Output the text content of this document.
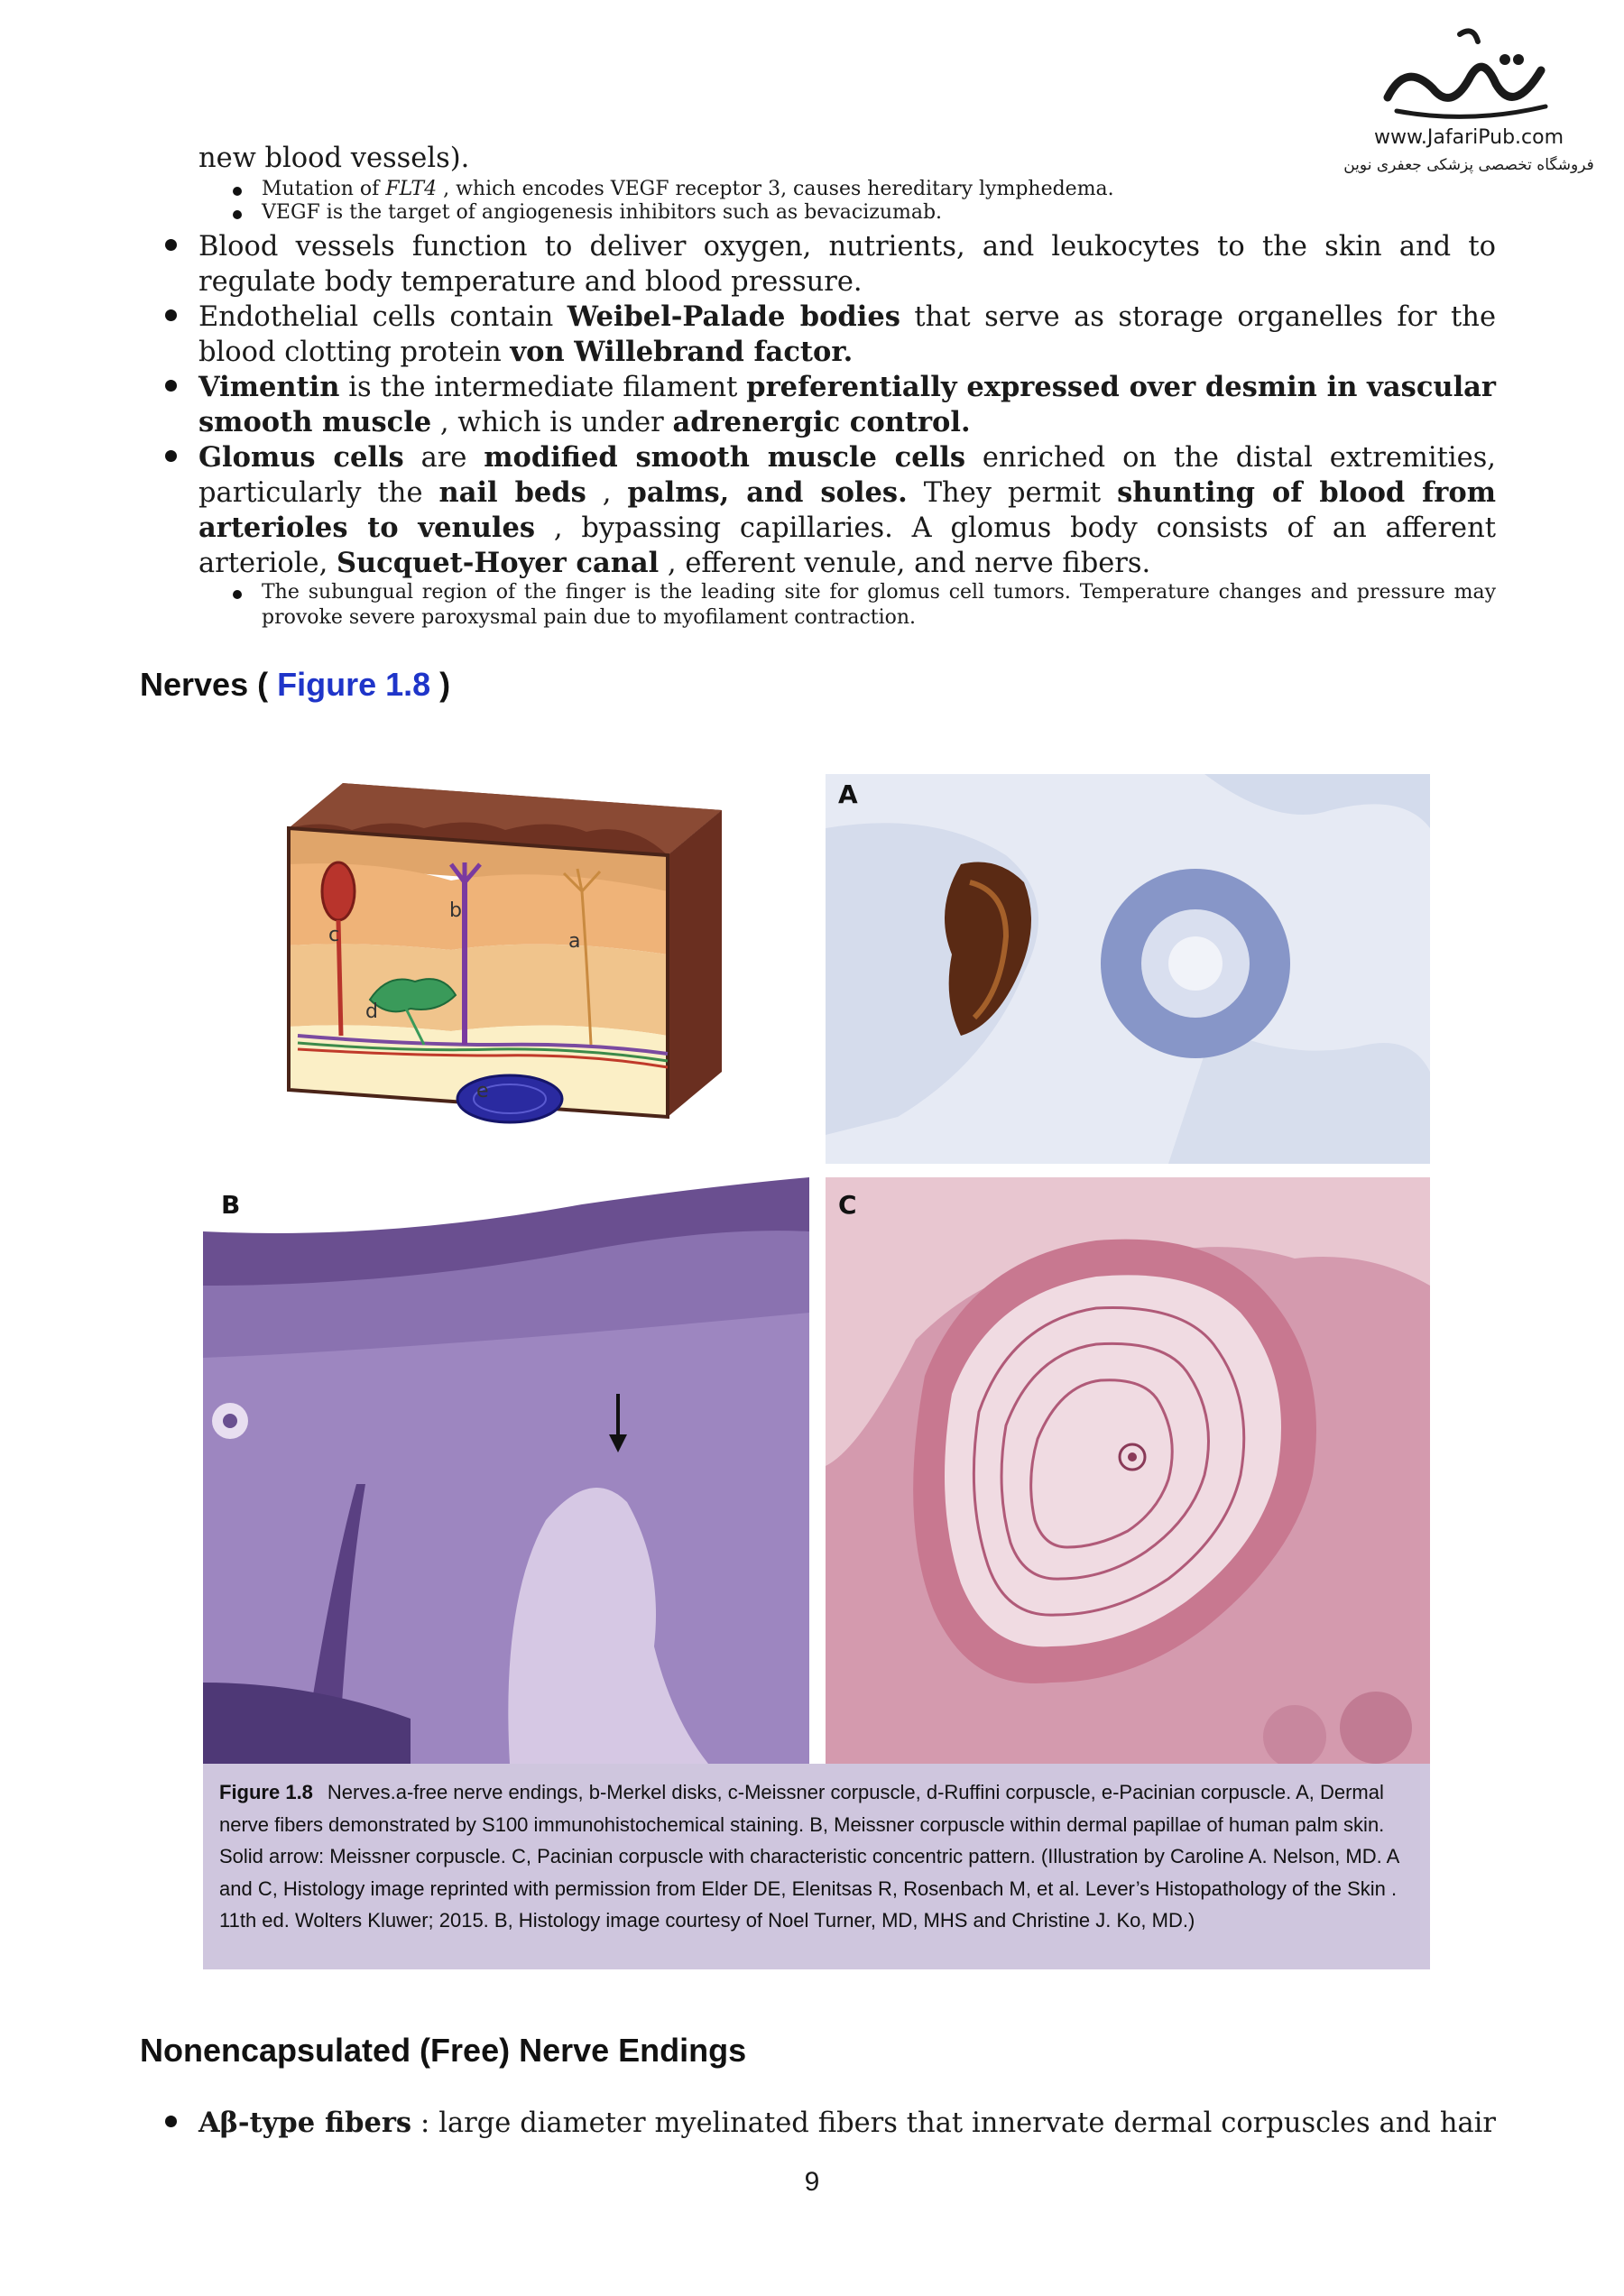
www.JafariPub.com
فروشگاه تخصصی پزشکی جعفری نوین
new blood vessels).
Mutation of FLT4 , which encodes VEGF receptor 3, causes hereditary lymphedema.
VEGF is the target of angiogenesis inhibitors such as bevacizumab.
Blood vessels function to deliver oxygen, nutrients, and leukocytes to the skin and to regulate body temperature and blood pressure.
Endothelial cells contain Weibel-Palade bodies that serve as storage organelles for the blood clotting protein von Willebrand factor.
Vimentin is the intermediate filament preferentially expressed over desmin in vascular smooth muscle , which is under adrenergic control.
Glomus cells are modified smooth muscle cells enriched on the distal extremities, particularly the nail beds , palms, and soles. They permit shunting of blood from arterioles to venules , bypassing capillaries. A glomus body consists of an afferent arteriole, Sucquet-Hoyer canal , efferent venule, and nerve fibers.
The subungual region of the finger is the leading site for glomus cell tumors. Temperature changes and pressure may provoke severe paroxysmal pain due to myofilament contraction.
Nerves ( Figure 1.8 )
c
b
a
d
e
A
B	C
Figure 1.8 Nerves.a-free nerve endings, b-Merkel disks, c-Meissner corpuscle, d-Ruffini corpuscle, e-Pacinian corpuscle. A, Dermal nerve fibers demonstrated by S100 immunohistochemical staining. B, Meissner corpuscle within dermal papillae of human palm skin. Solid arrow: Meissner corpuscle. C, Pacinian corpuscle with characteristic concentric pattern. (Illustration by Caroline A. Nelson, MD. A and C, Histology image reprinted with permission from Elder DE, Elenitsas R, Rosenbach M, et al. Lever’s Histopathology of the Skin . 11th ed. Wolters Kluwer; 2015. B, Histology image courtesy of Noel Turner, MD, MHS and Christine J. Ko, MD.)
Nonencapsulated (Free) Nerve Endings
Aβ-type fibers : large diameter myelinated fibers that innervate dermal corpuscles and hair
9
